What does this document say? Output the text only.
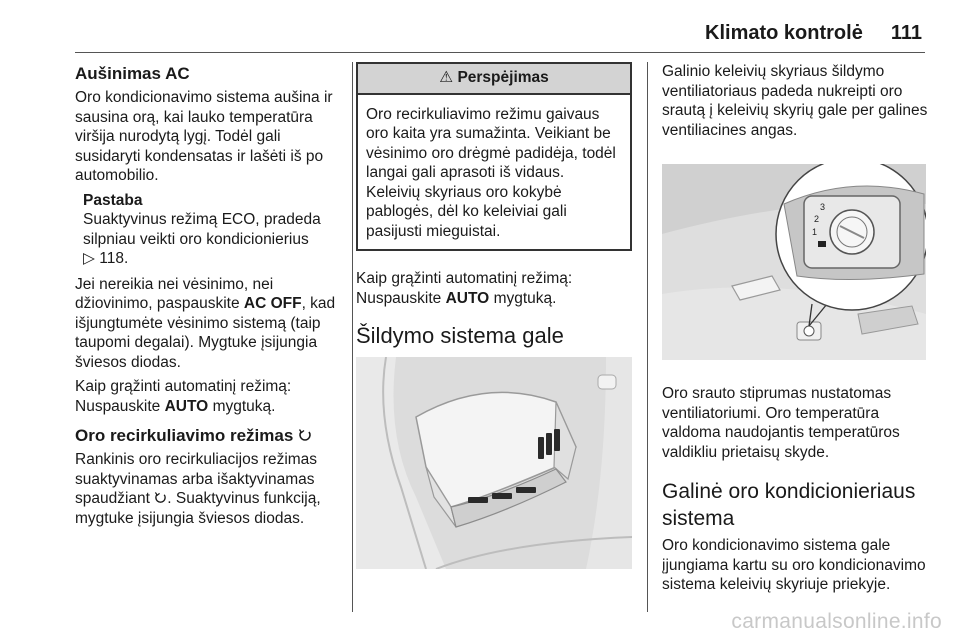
Klimato kontrolė 111
Aušinimas AC

Oro kondicionavimo sistema aušina ir sausina orą, kai lauko temperatūra viršija nurodytą lygį. Todėl gali susidaryti kondensatas ir lašėti iš po automobilio.

Pastaba
Suaktyvinus režimą ECO, pradeda silpniau veikti oro kondicionierius
▷ 118.

Jei nereikia nei vėsinimo, nei džiovinimo, paspauskite AC OFF, kad išjungtumėte vėsinimo sistemą (taip taupomi degalai). Mygtuke įsijungia šviesos diodas.

Kaip grąžinti automatinį režimą: Nuspauskite AUTO mygtuką.

Oro recirkuliavimo režimas

Rankinis oro recirkuliacijos režimas suaktyvinamas arba išaktyvinamas spaudžiant . Suaktyvinus funkciją, mygtuke įsijungia šviesos diodas.

⚠ Perspėjimas
Oro recirkuliavimo režimu gaivaus oro kaita yra sumažinta. Veikiant be vėsinimo oro drėgmė padidėja, todėl langai gali aprasoti iš vidaus. Keleivių skyriaus oro kokybė pablogės, dėl ko keleiviai gali pasijusti mieguistai.

Kaip grąžinti automatinį režimą: Nuspauskite AUTO mygtuką.

Šildymo sistema gale

Galinio keleivių skyriaus šildymo ventiliatoriaus padeda nukreipti oro srautą į keleivių skyrių gale per galines ventiliacines angas.

3
2
1

Oro srauto stiprumas nustatomas ventiliatoriumi. Oro temperatūra valdoma naudojantis temperatūros valdikliu prietaisų skyde.

Galinė oro kondicionieriaus sistema

Oro kondicionavimo sistema gale įjungiama kartu su oro kondicionavimo sistema keleivių skyriuje priekyje.

carmanualsonline.info
